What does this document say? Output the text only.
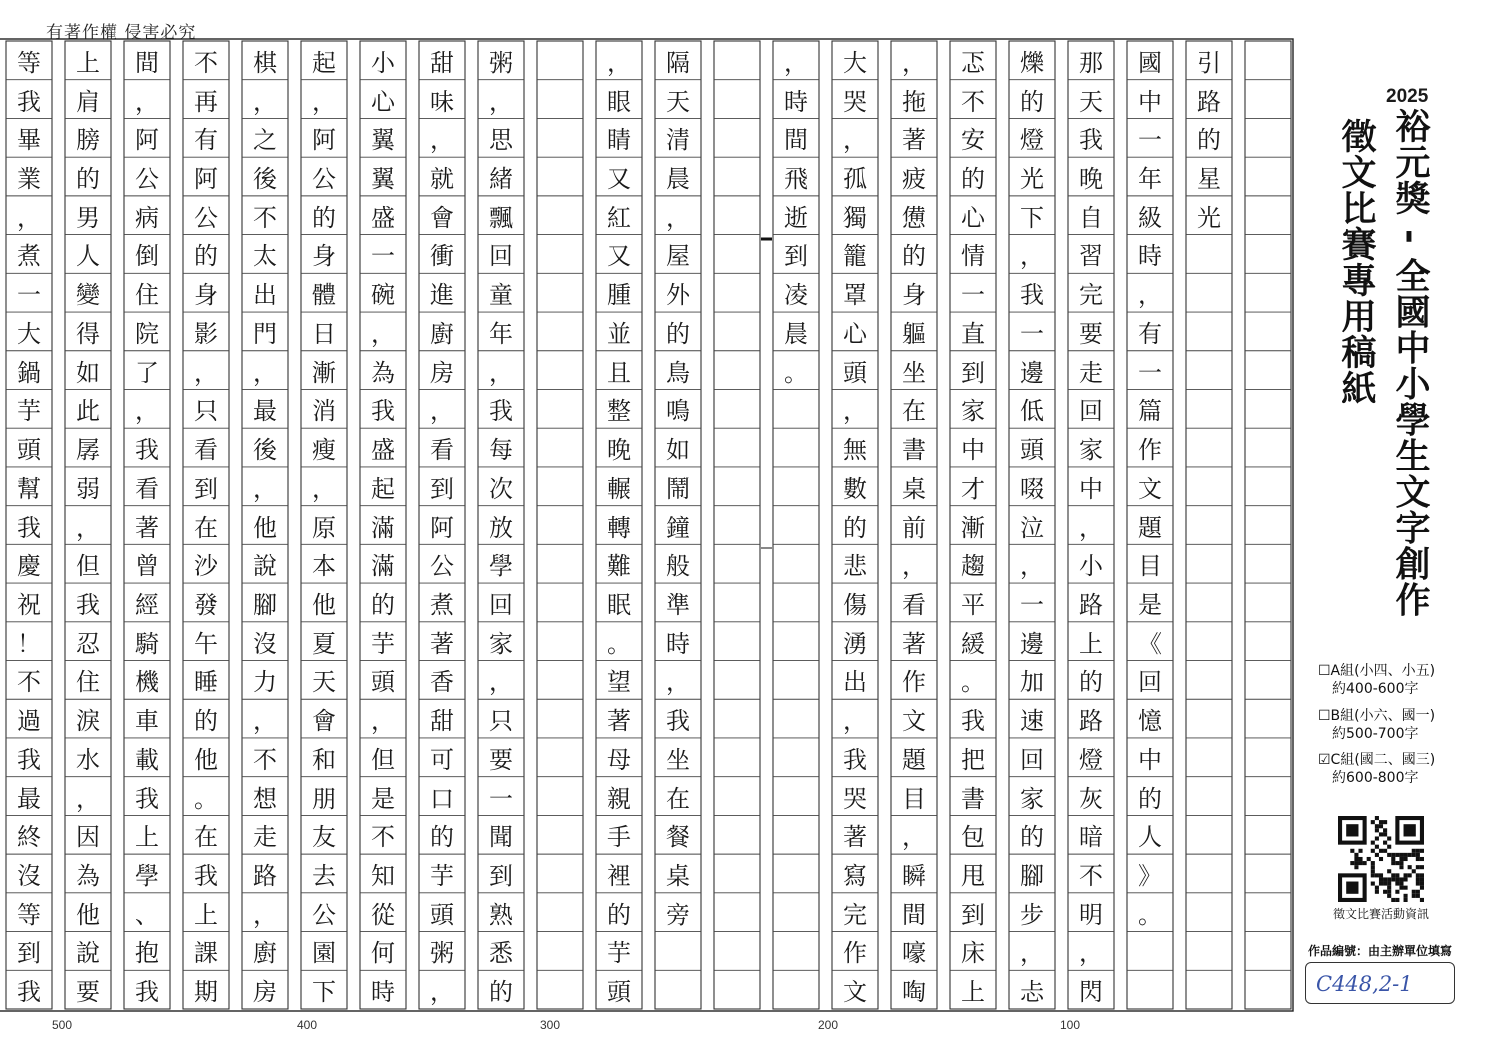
有著作權 侵害必究
引
路
的
星
光
國
中
一
年
級
時
，
有
一
篇
作
文
題
目
是
《
回
憶
中
的
人
》
。
那
天
我
晚
自
習
完
要
走
回
家
中
，
小
路
上
的
路
燈
灰
暗
不
明
，
閃
爍
的
燈
光
下
，
我
一
邊
低
頭
啜
泣
，
一
邊
加
速
回
家
的
腳
步
，
忐
忑
不
安
的
心
情
一
直
到
家
中
才
漸
趨
平
緩
。
我
把
書
包
甩
到
床
上
，
拖
著
疲
憊
的
身
軀
坐
在
書
桌
前
，
看
著
作
文
題
目
，
瞬
間
嚎
啕
大
哭
，
孤
獨
籠
罩
心
頭
，
無
數
的
悲
傷
湧
出
，
我
哭
著
寫
完
作
文
，
時
間
飛
逝
到
凌
晨
。
隔
天
清
晨
，
屋
外
的
鳥
鳴
如
鬧
鐘
般
準
時
，
我
坐
在
餐
桌
旁
，
眼
睛
又
紅
又
腫
並
且
整
晚
輾
轉
難
眠
。
望
著
母
親
手
裡
的
芋
頭
粥
，
思
緒
飄
回
童
年
，
我
每
次
放
學
回
家
，
只
要
一
聞
到
熟
悉
的
甜
味
，
就
會
衝
進
廚
房
，
看
到
阿
公
煮
著
香
甜
可
口
的
芋
頭
粥
，
小
心
翼
翼
盛
一
碗
，
為
我
盛
起
滿
滿
的
芋
頭
，
但
是
不
知
從
何
時
起
，
阿
公
的
身
體
日
漸
消
瘦
，
原
本
他
夏
天
會
和
朋
友
去
公
園
下
棋
，
之
後
不
太
出
門
，
最
後
，
他
說
腳
沒
力
，
不
想
走
路
，
廚
房
不
再
有
阿
公
的
身
影
，
只
看
到
在
沙
發
午
睡
的
他
。
在
我
上
課
期
間
，
阿
公
病
倒
住
院
了
，
我
看
著
曾
經
騎
機
車
載
我
上
學
、
抱
我
上
肩
膀
的
男
人
變
得
如
此
孱
弱
，
但
我
忍
住
淚
水
，
因
為
他
說
要
等
我
畢
業
，
煮
一
大
鍋
芋
頭
幫
我
慶
祝
！
不
過
我
最
終
沒
等
到
我
500	400	300	200	100
2025
裕元獎 - 全國中小學生文字創作
徵文比賽專用稿紙
☐A組(小四、小五)
約400-600字
☐B組(小六、國一)
約500-700字
☑C組(國二、國三)
約600-800字
徵文比賽活動資訊
作品編號：由主辦單位填寫
C448,2-1
